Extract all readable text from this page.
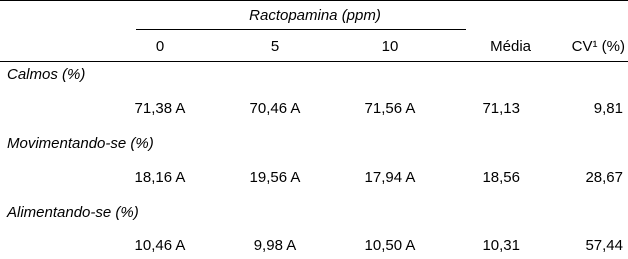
Ractopamina (ppm)
0	5	10	Média	CV¹ (%)
Calmos (%)
71,38 A	70,46 A	71,56 A	71,13	9,81
Movimentando-se (%)
18,16 A	19,56 A	17,94 A	18,56	28,67
Alimentando-se (%)
10,46 A	9,98 A	10,50 A	10,31	57,44
